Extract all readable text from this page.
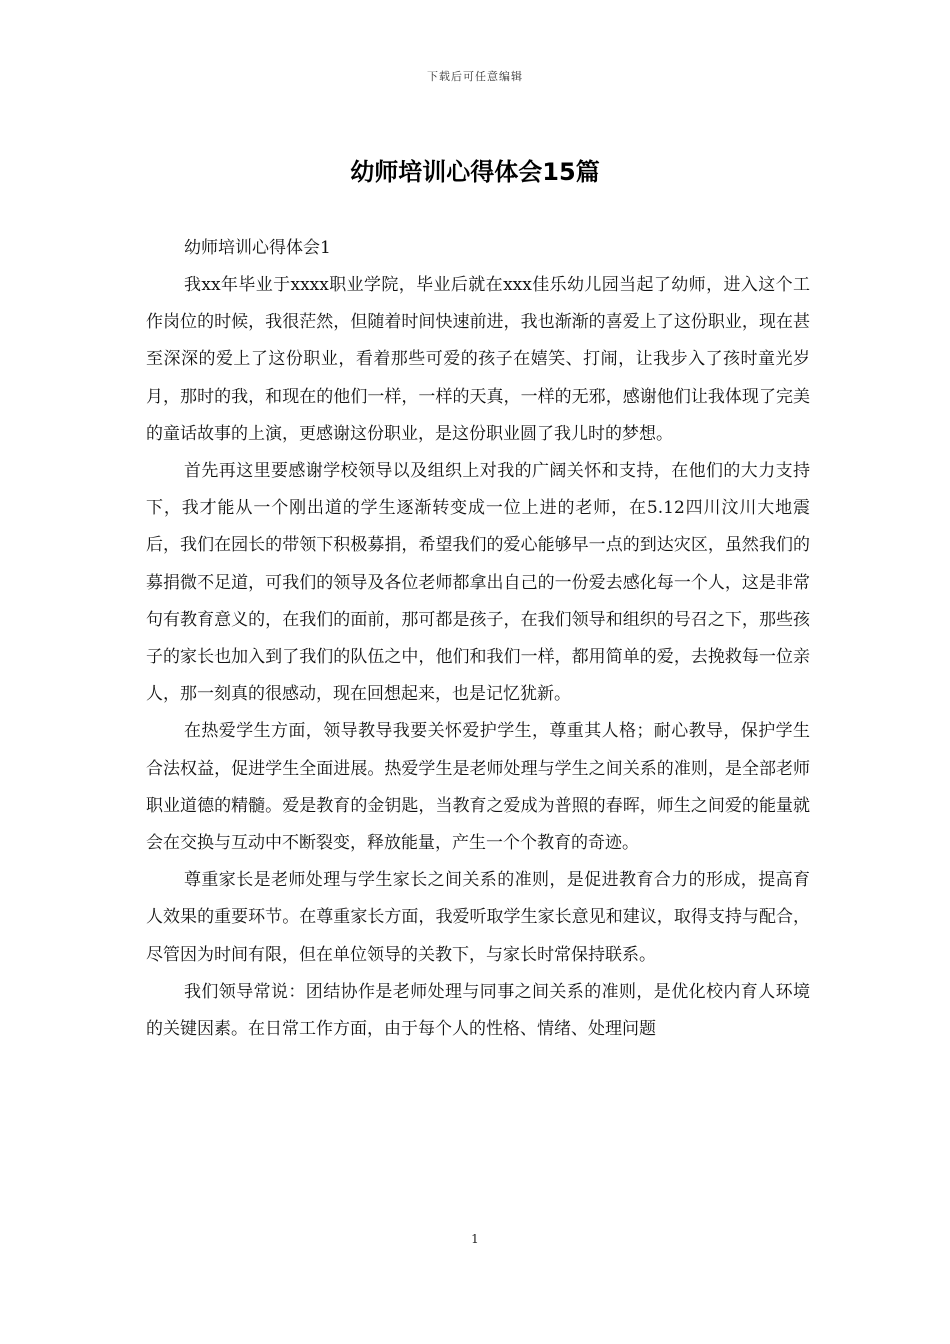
下载后可任意编辑
幼师培训心得体会15篇

幼师培训心得体会1

我xx年毕业于xxxx职业学院，毕业后就在xxx佳乐幼儿园当起了幼师，进入这个工作岗位的时候，我很茫然，但随着时间快速前进，我也渐渐的喜爱上了这份职业，现在甚至深深的爱上了这份职业，看着那些可爱的孩子在嬉笑、打闹，让我步入了孩时童光岁月，那时的我，和现在的他们一样，一样的天真，一样的无邪，感谢他们让我体现了完美的童话故事的上演，更感谢这份职业，是这份职业圆了我儿时的梦想。

首先再这里要感谢学校领导以及组织上对我的广阔关怀和支持，在他们的大力支持下，我才能从一个刚出道的学生逐渐转变成一位上进的老师，在5.12四川汶川大地震后，我们在园长的带领下积极募捐，希望我们的爱心能够早一点的到达灾区，虽然我们的募捐微不足道，可我们的领导及各位老师都拿出自己的一份爱去感化每一个人，这是非常句有教育意义的，在我们的面前，那可都是孩子，在我们领导和组织的号召之下，那些孩子的家长也加入到了我们的队伍之中，他们和我们一样，都用简单的爱，去挽救每一位亲人，那一刻真的很感动，现在回想起来，也是记忆犹新。

在热爱学生方面，领导教导我要关怀爱护学生，尊重其人格；耐心教导，保护学生合法权益，促进学生全面进展。热爱学生是老师处理与学生之间关系的准则，是全部老师职业道德的精髓。爱是教育的金钥匙，当教育之爱成为普照的春晖，师生之间爱的能量就会在交换与互动中不断裂变，释放能量，产生一个个教育的奇迹。

尊重家长是老师处理与学生家长之间关系的准则，是促进教育合力的形成，提高育人效果的重要环节。在尊重家长方面，我爱听取学生家长意见和建议，取得支持与配合，尽管因为时间有限，但在单位领导的关教下，与家长时常保持联系。

我们领导常说：团结协作是老师处理与同事之间关系的准则，是优化校内育人环境的关键因素。在日常工作方面，由于每个人的性格、情绪、处理问题

1
